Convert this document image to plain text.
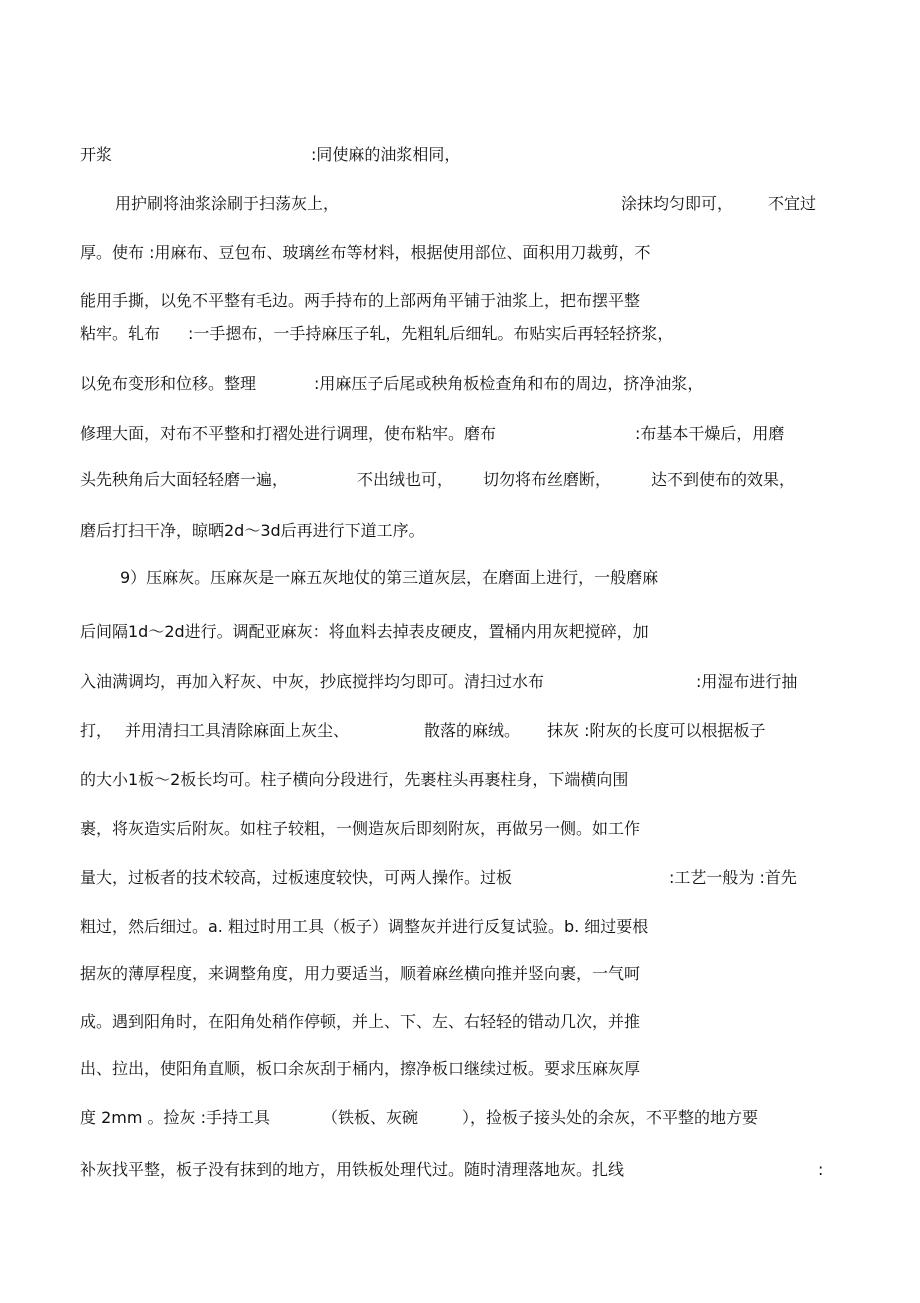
开浆	:同使麻的油浆相同，
用护刷将油浆涂刷于扫荡灰上，	涂抹均匀即可， 不宜过
厚。使布 :用麻布、豆包布、玻璃丝布等材料，根据使用部位、面积用刀裁剪，不
能用手撕，以免不平整有毛边。两手持布的上部两角平铺于油浆上，把布摆平整
粘牢。轧布 :一手摁布，一手持麻压子轧，先粗轧后细轧。布贴实后再轻轻挤浆，
以免布变形和位移。整理	:用麻压子后尾或秧角板检查角和布的周边，挤净油浆，
修理大面，对布不平整和打褶处进行调理，使布粘牢。磨布	:布基本干燥后，用磨
头先秧角后大面轻轻磨一遍，	不出绒也可， 切勿将布丝磨断， 达不到使布的效果，
磨后打扫干净，晾晒2d～3d后再进行下道工序。
9）压麻灰。压麻灰是一麻五灰地仗的第三道灰层，在磨面上进行，一般磨麻
后间隔1d～2d进行。调配亚麻灰：将血料去掉表皮硬皮，置桶内用灰耙搅碎，加
入油满调均，再加入籽灰、中灰，抄底搅拌均匀即可。清扫过水布	:用湿布进行抽
打， 并用清扫工具清除麻面上灰尘、	散落的麻绒。 抹灰 :附灰的长度可以根据板子
的大小1板～2板长均可。柱子横向分段进行，先裹柱头再裹柱身，下端横向围
裹，将灰造实后附灰。如柱子较粗，一侧造灰后即刻附灰，再做另一侧。如工作
量大，过板者的技术较高，过板速度较快，可两人操作。过板	:工艺一般为 :首先
粗过，然后细过。a. 粗过时用工具（板子）调整灰并进行反复试验。b. 细过要根
据灰的薄厚程度，来调整角度，用力要适当，顺着麻丝横向推并竖向裹，一气呵
成。遇到阳角时，在阳角处稍作停顿，并上、下、左、右轻轻的错动几次，并推
出、拉出，使阳角直顺，板口余灰刮于桶内，擦净板口继续过板。要求压麻灰厚
度 2mm 。捡灰 :手持工具	（铁板、灰碗	），捡板子接头处的余灰，不平整的地方要
补灰找平整，板子没有抹到的地方，用铁板处理代过。随时清理落地灰。扎线	:
